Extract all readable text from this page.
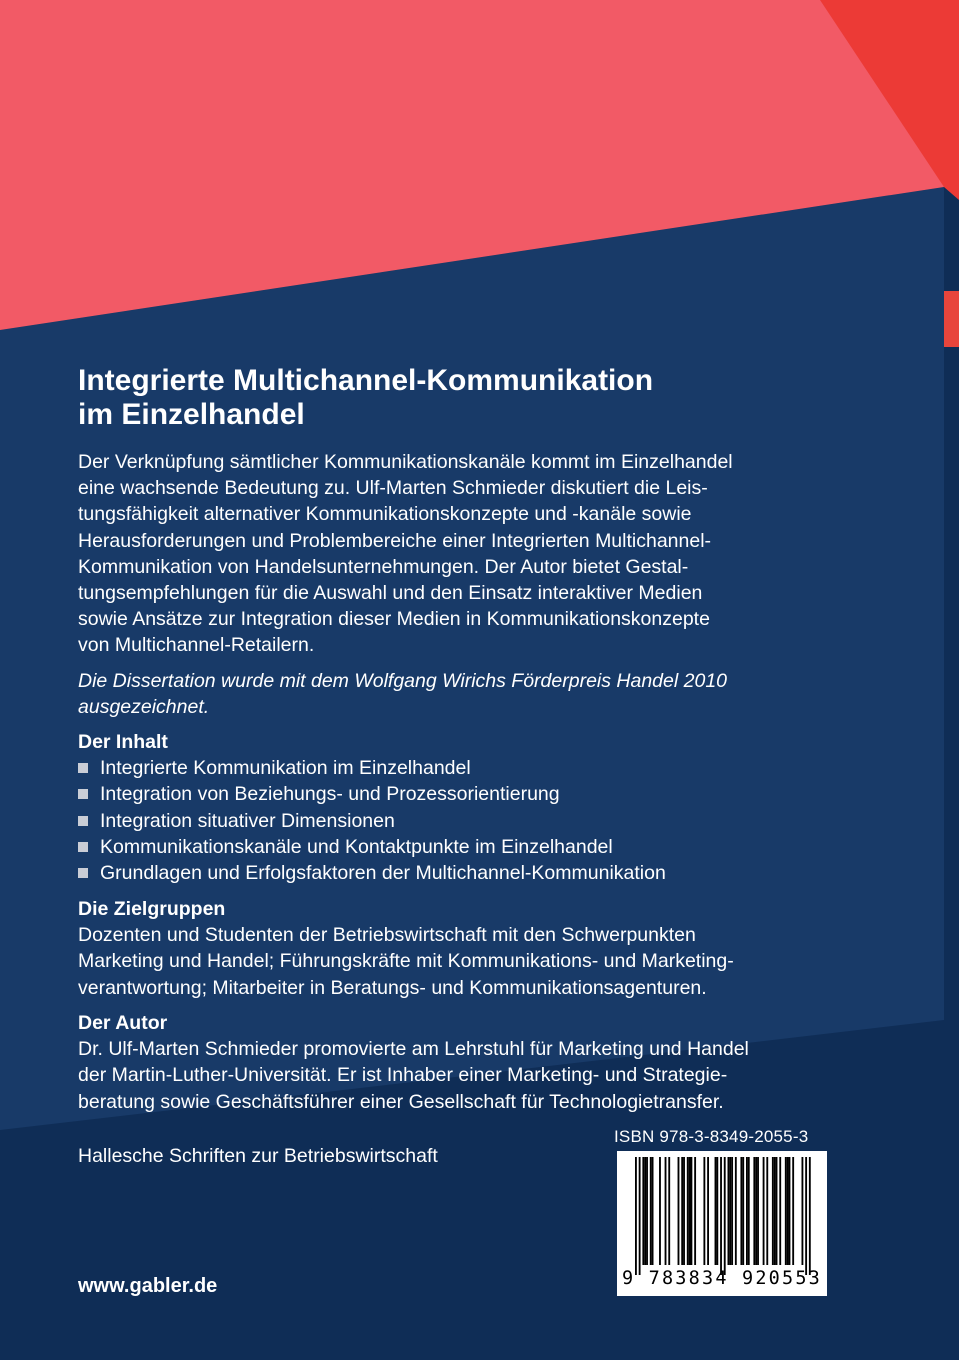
Integrierte Multichannel-Kommunikation
im Einzelhandel

Der Verknüpfung sämtlicher Kommunikationskanäle kommt im Einzelhandel

eine wachsende Bedeutung zu. Ulf-Marten Schmieder diskutiert die Leis-

tungsfähigkeit alternativer Kommunikationskonzepte und -kanäle sowie

Herausforderungen und Problembereiche einer Integrierten Multichannel-

Kommunikation von Handelsunternehmungen. Der Autor bietet Gestal-

tungsempfehlungen für die Auswahl und den Einsatz interaktiver Medien

sowie Ansätze zur Integration dieser Medien in Kommunikationskonzepte

von Multichannel-Retailern.

Die Dissertation wurde mit dem Wolfgang Wirichs Förderpreis Handel 2010

ausgezeichnet.

Der Inhalt

Integrierte Kommunikation im Einzelhandel
Integration von Beziehungs- und Prozessorientierung
Integration situativer Dimensionen
Kommunikationskanäle und Kontaktpunkte im Einzelhandel
Grundlagen und Erfolgsfaktoren der Multichannel-Kommunikation

Die Zielgruppen

Dozenten und Studenten der Betriebswirtschaft mit den Schwerpunkten

Marketing und Handel; Führungskräfte mit Kommunikations- und Marketing-

verantwortung; Mitarbeiter in Beratungs- und Kommunikationsagenturen.

Der Autor

Dr. Ulf-Marten Schmieder promovierte am Lehrstuhl für Marketing und Handel

der Martin-Luther-Universität. Er ist Inhaber einer Marketing- und Strategie-

beratung sowie Geschäftsführer einer Gesellschaft für Technologietransfer.

ISBN 978-3-8349-2055-3
Hallesche Schriften zur Betriebswirtschaft
9 783834 920553
www.gabler.de
